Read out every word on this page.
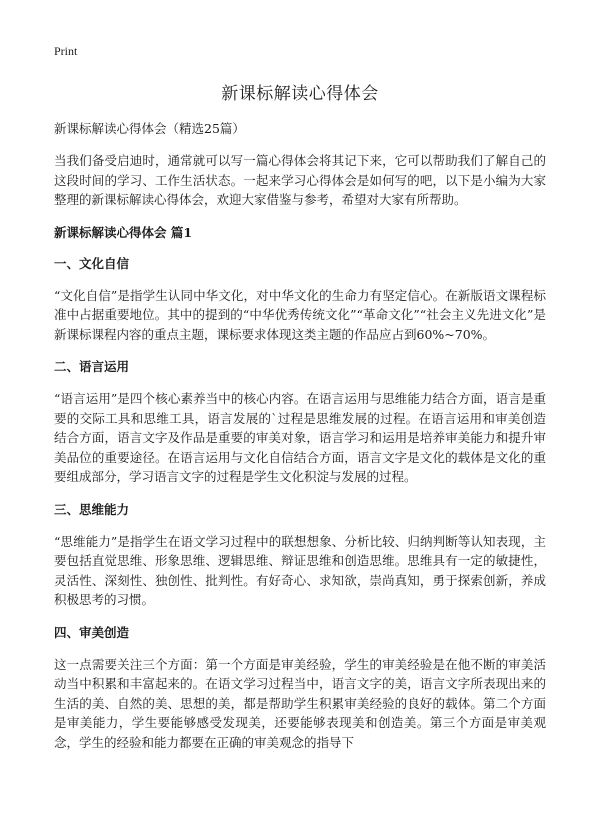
Print
新课标解读心得体会
新课标解读心得体会（精选25篇）

当我们备受启迪时，通常就可以写一篇心得体会将其记下来，它可以帮助我们了解自己的这段时间的学习、工作生活状态。一起来学习心得体会是如何写的吧，以下是小编为大家整理的新课标解读心得体会，欢迎大家借鉴与参考，希望对大家有所帮助。

新课标解读心得体会 篇1
一、文化自信

“文化自信”是指学生认同中华文化，对中华文化的生命力有坚定信心。在新版语文课程标准中占据重要地位。其中的提到的“中华优秀传统文化”“革命文化”“社会主义先进文化”是新课标课程内容的重点主题，课标要求体现这类主题的作品应占到60%~70%。

二、语言运用

“语言运用”是四个核心素养当中的核心内容。在语言运用与思维能力结合方面，语言是重要的交际工具和思维工具，语言发展的`过程是思维发展的过程。在语言运用和审美创造结合方面，语言文字及作品是重要的审美对象，语言学习和运用是培养审美能力和提升审美品位的重要途径。在语言运用与文化自信结合方面，语言文字是文化的载体是文化的重要组成部分，学习语言文字的过程是学生文化积淀与发展的过程。

三、思维能力

“思维能力”是指学生在语文学习过程中的联想想象、分析比较、归纳判断等认知表现，主要包括直觉思维、形象思维、逻辑思维、辩证思维和创造思维。思维具有一定的敏捷性，灵活性、深刻性、独创性、批判性。有好奇心、求知欲，崇尚真知，勇于探索创新，养成积极思考的习惯。

四、审美创造

这一点需要关注三个方面：第一个方面是审美经验，学生的审美经验是在他不断的审美活动当中积累和丰富起来的。在语文学习过程当中，语言文字的美，语言文字所表现出来的生活的美、自然的美、思想的美，都是帮助学生积累审美经验的良好的载体。第二个方面是审美能力，学生要能够感受发现美，还要能够表现美和创造美。第三个方面是审美观念，学生的经验和能力都要在正确的审美观念的指导下
